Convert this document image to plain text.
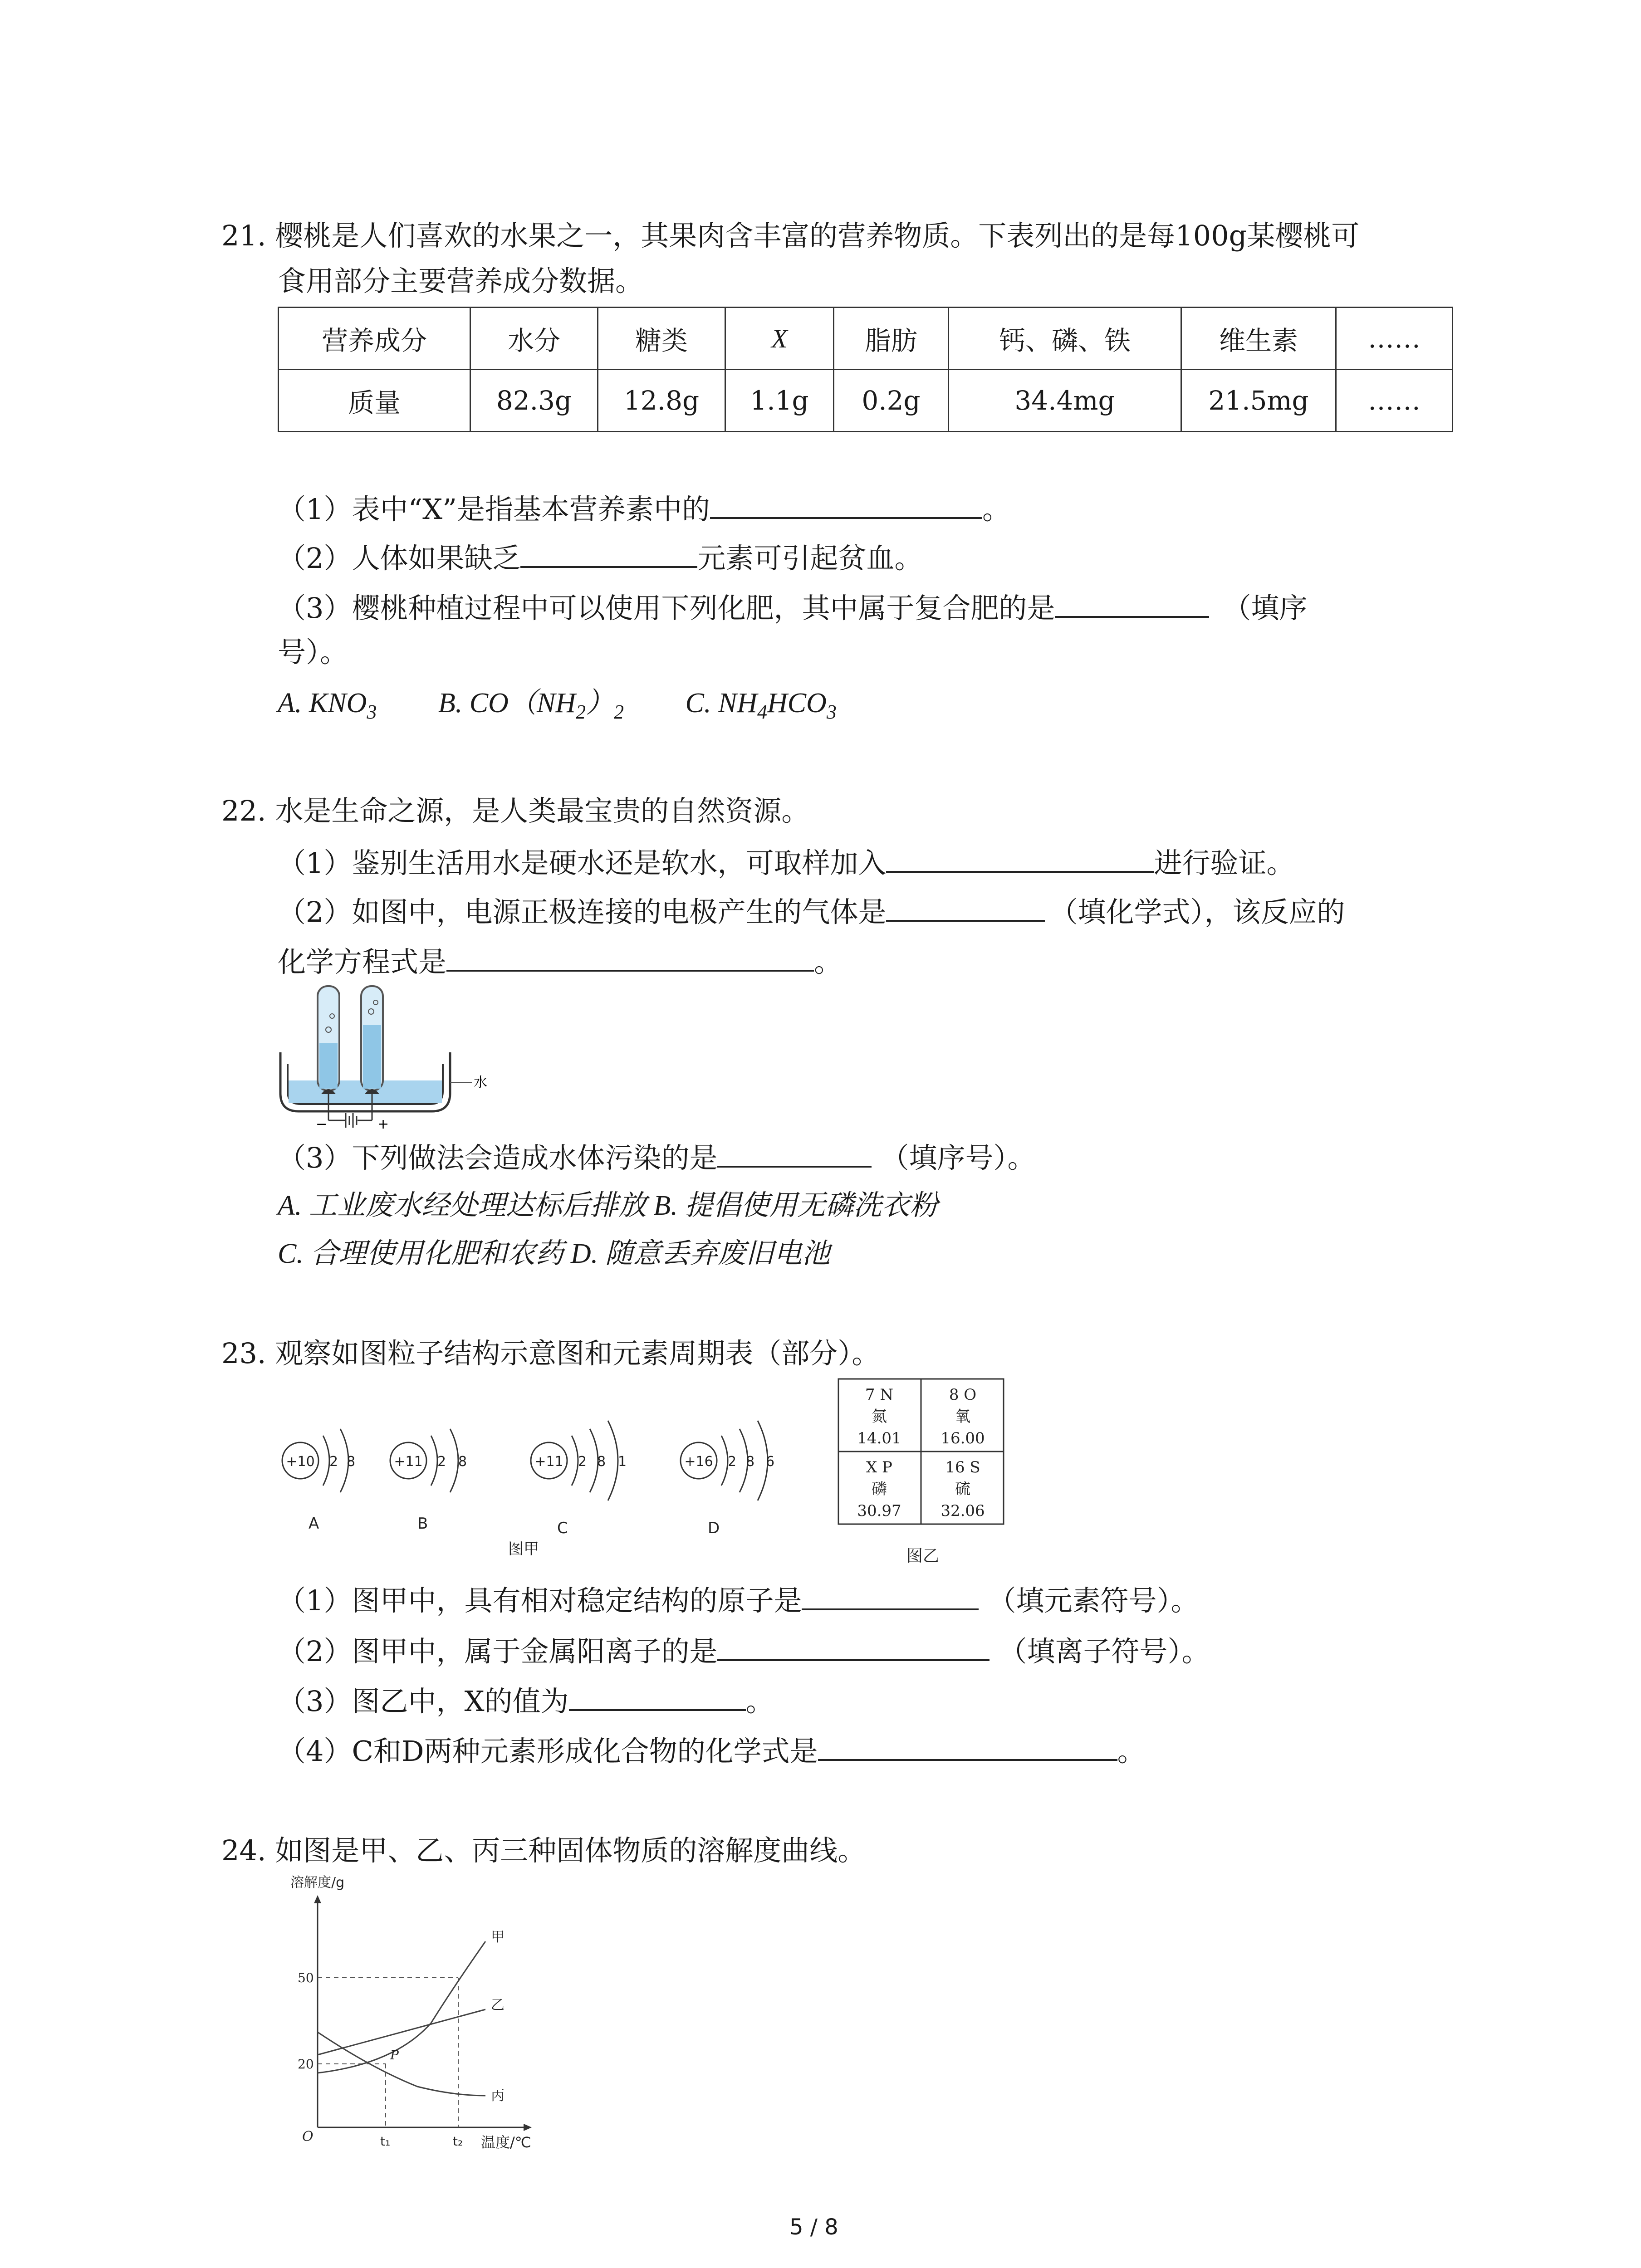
21. 樱桃是人们喜欢的水果之一，其果肉含丰富的营养物质。下表列出的是每100g某樱桃可
食用部分主要营养成分数据。
营养成分	水分	糖类	X	脂肪	钙、磷、铁	维生素	……
质量	82.3g	12.8g	1.1g	0.2g	34.4mg	21.5mg	……
（1）表中“X”是指基本营养素中的	。
（2）人体如果缺乏	元素可引起贫血。
（3）樱桃种植过程中可以使用下列化肥，其中属于复合肥的是	（填序
号）。
A. $KNO_3$ B. $CO(NH_2)_2$ C. $NH_4HCO_3$
22. 水是生命之源，是人类最宝贵的自然资源。
（1）鉴别生活用水是硬水还是软水，可取样加入	进行验证。
（2）如图中，电源正极连接的电极产生的气体是	（填化学式），该反应的
化学方程式是	。
−	+
水
（3）下列做法会造成水体污染的是	（填序号）。
A. 工业废水经处理达标后排放 B. 提倡使用无磷洗衣粉
C. 合理使用化肥和农药 D. 随意丢弃废旧电池
23. 观察如图粒子结构示意图和元素周期表（部分）。
+10 2 8
A
+11 2 8
B
+11 2 8 1
C
+16 2 8 6
D
图甲
7 N
氮
14.01
8 O
氧
16.00
X P
磷
30.97
16 S
硫
32.06
图乙
（1）图甲中，具有相对稳定结构的原子是	（填元素符号）。
（2）图甲中，属于金属阳离子的是	（填离子符号）。
（3）图乙中，X的值为	。
（4）C和D两种元素形成化合物的化学式是	。
24. 如图是甲、乙、丙三种固体物质的溶解度曲线。
溶解度/g
甲
乙
丙
P
50
20
O	t₁	t₂ 温度/℃
5 / 8
